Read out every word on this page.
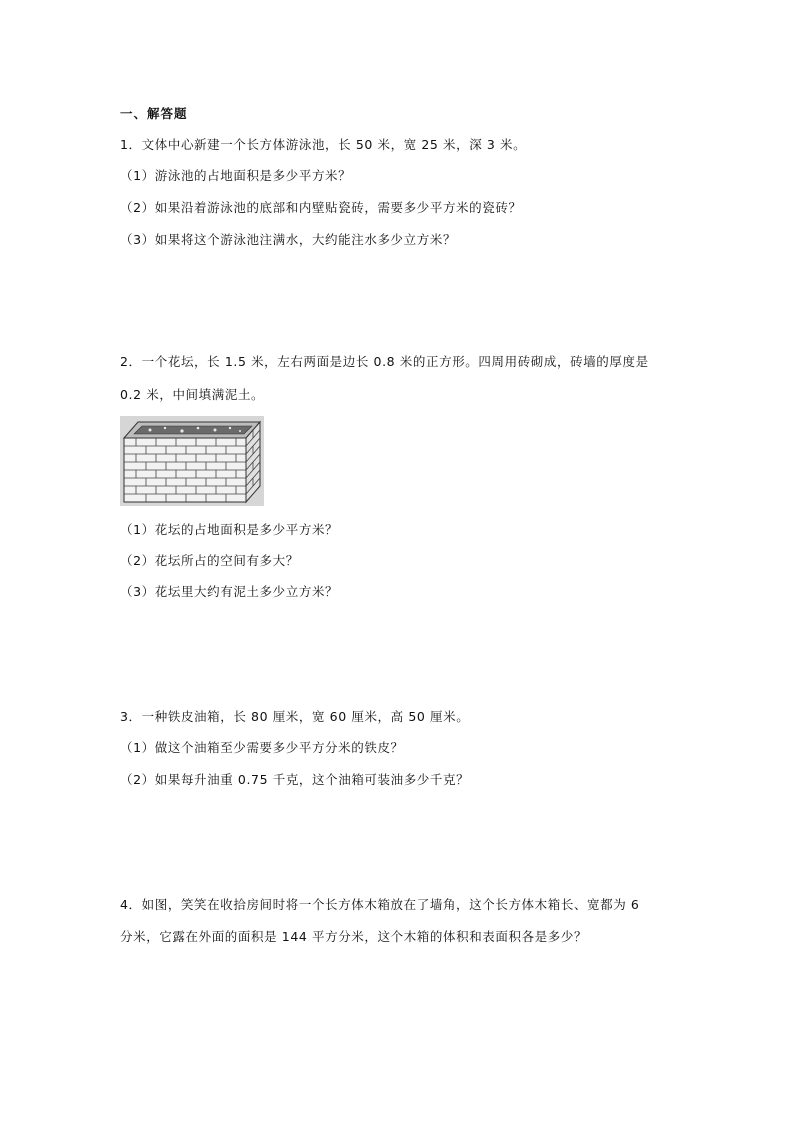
一、解答题
1．文体中心新建一个长方体游泳池，长 50 米，宽 25 米，深 3 米。
（1）游泳池的占地面积是多少平方米？
（2）如果沿着游泳池的底部和内壁贴瓷砖，需要多少平方米的瓷砖？
（3）如果将这个游泳池注满水，大约能注水多少立方米？
2．一个花坛，长 1.5 米，左右两面是边长 0.8 米的正方形。四周用砖砌成，砖墙的厚度是
0.2 米，中间填满泥土。
（1）花坛的占地面积是多少平方米？
（2）花坛所占的空间有多大？
（3）花坛里大约有泥土多少立方米？
3．一种铁皮油箱，长 80 厘米，宽 60 厘米，高 50 厘米。
（1）做这个油箱至少需要多少平方分米的铁皮？
（2）如果每升油重 0.75 千克，这个油箱可装油多少千克？
4．如图，笑笑在收拾房间时将一个长方体木箱放在了墙角，这个长方体木箱长、宽都为 6
分米，它露在外面的面积是 144 平方分米，这个木箱的体积和表面积各是多少？
